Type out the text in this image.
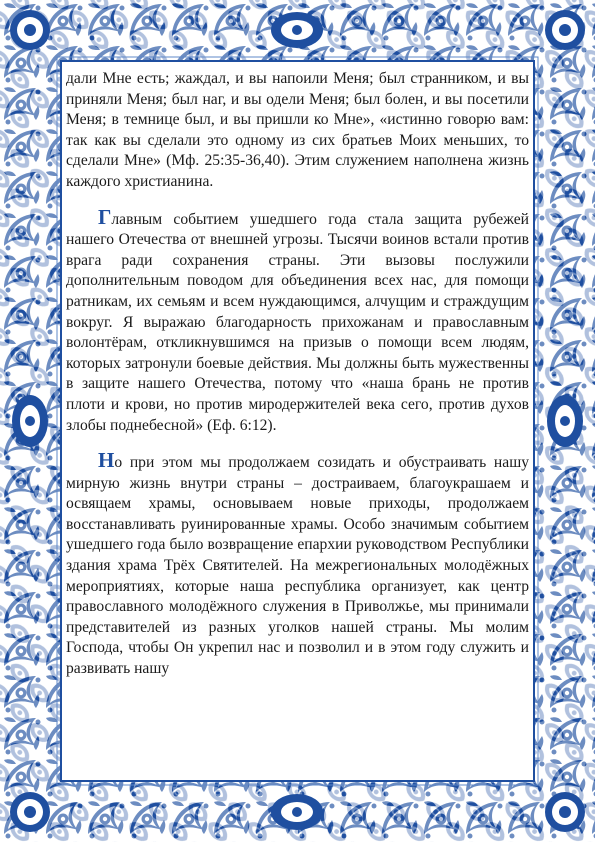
дали Мне есть; жаждал, и вы напоили Меня; был странником, и вы приняли Меня; был наг, и вы одели Меня; был болен, и вы посетили Меня; в темнице был, и вы пришли ко Мне», «истинно говорю вам: так как вы сделали это одному из сих братьев Моих меньших, то сделали Мне» (Мф. 25:35-36,40). Этим служением наполнена жизнь каждого христианина.

Главным событием ушедшего года стала защита рубежей нашего Отечества от внешней угрозы. Тысячи воинов встали против врага ради сохранения страны. Эти вызовы послужили дополнительным поводом для объединения всех нас, для помощи ратникам, их семьям и всем нуждающимся, алчущим и страждущим вокруг. Я выражаю благодарность прихожанам и православным волонтёрам, откликнувшимся на призыв о помощи всем людям, которых затронули боевые действия. Мы должны быть мужественны в защите нашего Отечества, потому что «наша брань не против плоти и крови, но против миродержителей века сего, против духов злобы поднебесной» (Еф. 6:12).

Но при этом мы продолжаем созидать и обустраивать нашу мирную жизнь внутри страны – достраиваем, благоукрашаем и освящаем храмы, основываем новые приходы, продолжаем восстанавливать руинированные храмы. Особо значимым событием ушедшего года было возвращение епархии руководством Республики здания храма Трёх Святителей. На межрегиональных молодёжных мероприятиях, которые наша республика организует, как центр православного молодёжного служения в Приволжье, мы принимали представителей из разных уголков нашей страны. Мы молим Господа, чтобы Он укрепил нас и позволил и в этом году служить и развивать нашу
